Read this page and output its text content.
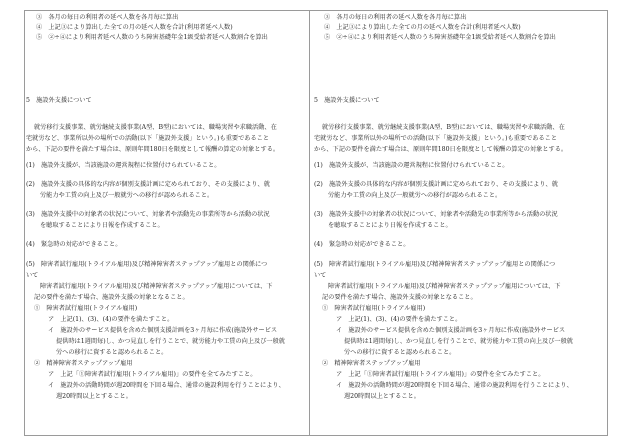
③　各月の毎日の利用者の延べ人数を各月毎に算出
④　上記③により算出した全ての月の延べ人数を合計(利用者延べ人数)
⑤　②÷④により利用者延べ人数のうち障害基礎年金1級受給者延べ人数割合を算出
5　施設外支援について
就労移行支援事業、就労継続支援事業(A型、B型)においては、職場実習や求職活動、在
宅就労など、事業所以外の場所での活動(以下「施設外支援」という。)も重要であること
から、下記の要件を満たす場合は、原則年間180日を限度として報酬の算定の対象とする。
(1)　施設外支援が、当該施設の運営規程に位置付けられていること。
(2)　施設外支援の具体的な内容が個別支援計画に定められており、その支援により、就
労能力や工賃の向上及び一般就労への移行が認められること。
(3)　施設外支援中の対象者の状況について、対象者や活動先の事業所等から活動の状況
を聴取することにより日報を作成すること。
(4)　緊急時の対応ができること。
(5)　障害者試行雇用(トライアル雇用)及び精神障害者ステップアップ雇用との関係につ
いて
障害者試行雇用(トライアル雇用)及び精神障害者ステップアップ雇用については、下
記の要件を満たす場合、施設外支援の対象となること。
①　障害者試行雇用(トライアル雇用)
ア　上記(1)、(3)、(4)の要件を満たすこと。
イ　施設外のサービス提供を含めた個別支援計画を3ヶ月毎に作成(施設外サービス
提供時は1週間毎)し、かつ見直しを行うことで、就労能力や工賃の向上及び一般就
労への移行に資すると認められること。
②　精神障害者ステップアップ雇用
ア　上記「①障害者試行雇用(トライアル雇用)」の要件を全てみたすこと。
イ　施設外の活動時間が週20時間を下回る場合、通常の施設利用を行うことにより、
週20時間以上とすること。
③　各月の毎日の利用者の延べ人数を各月毎に算出
④　上記③により算出した全ての月の延べ人数を合計(利用者延べ人数)
⑤　②÷④により利用者延べ人数のうち障害基礎年金1級受給者延べ人数割合を算出
5　施設外支援について
就労移行支援事業、就労継続支援事業(A型、B型)においては、職場実習や求職活動、在
宅就労など、事業所以外の場所での活動(以下「施設外支援」という。)も重要であること
から、下記の要件を満たす場合は、原則年間180日を限度として報酬の算定の対象とする。
(1)　施設外支援が、当該施設の運営規程に位置付けられていること。
(2)　施設外支援の具体的な内容が個別支援計画に定められており、その支援により、就
労能力や工賃の向上及び一般就労への移行が認められること。
(3)　施設外支援中の対象者の状況について、対象者や活動先の事業所等から活動の状況
を聴取することにより日報を作成すること。
(4)　緊急時の対応ができること。
(5)　障害者試行雇用(トライアル雇用)及び精神障害者ステップアップ雇用との関係につ
いて
障害者試行雇用(トライアル雇用)及び精神障害者ステップアップ雇用については、下
記の要件を満たす場合、施設外支援の対象となること。
①　障害者試行雇用(トライアル雇用)
ア　上記(1)、(3)、(4)の要件を満たすこと。
イ　施設外のサービス提供を含めた個別支援計画を3ヶ月毎に作成(施設外サービス
提供時は1週間毎)し、かつ見直しを行うことで、就労能力や工賃の向上及び一般就
労への移行に資すると認められること。
②　精神障害者ステップアップ雇用
ア　上記「①障害者試行雇用(トライアル雇用)」の要件を全てみたすこと。
イ　施設外の活動時間が週20時間を下回る場合、通常の施設利用を行うことにより、
週20時間以上とすること。
